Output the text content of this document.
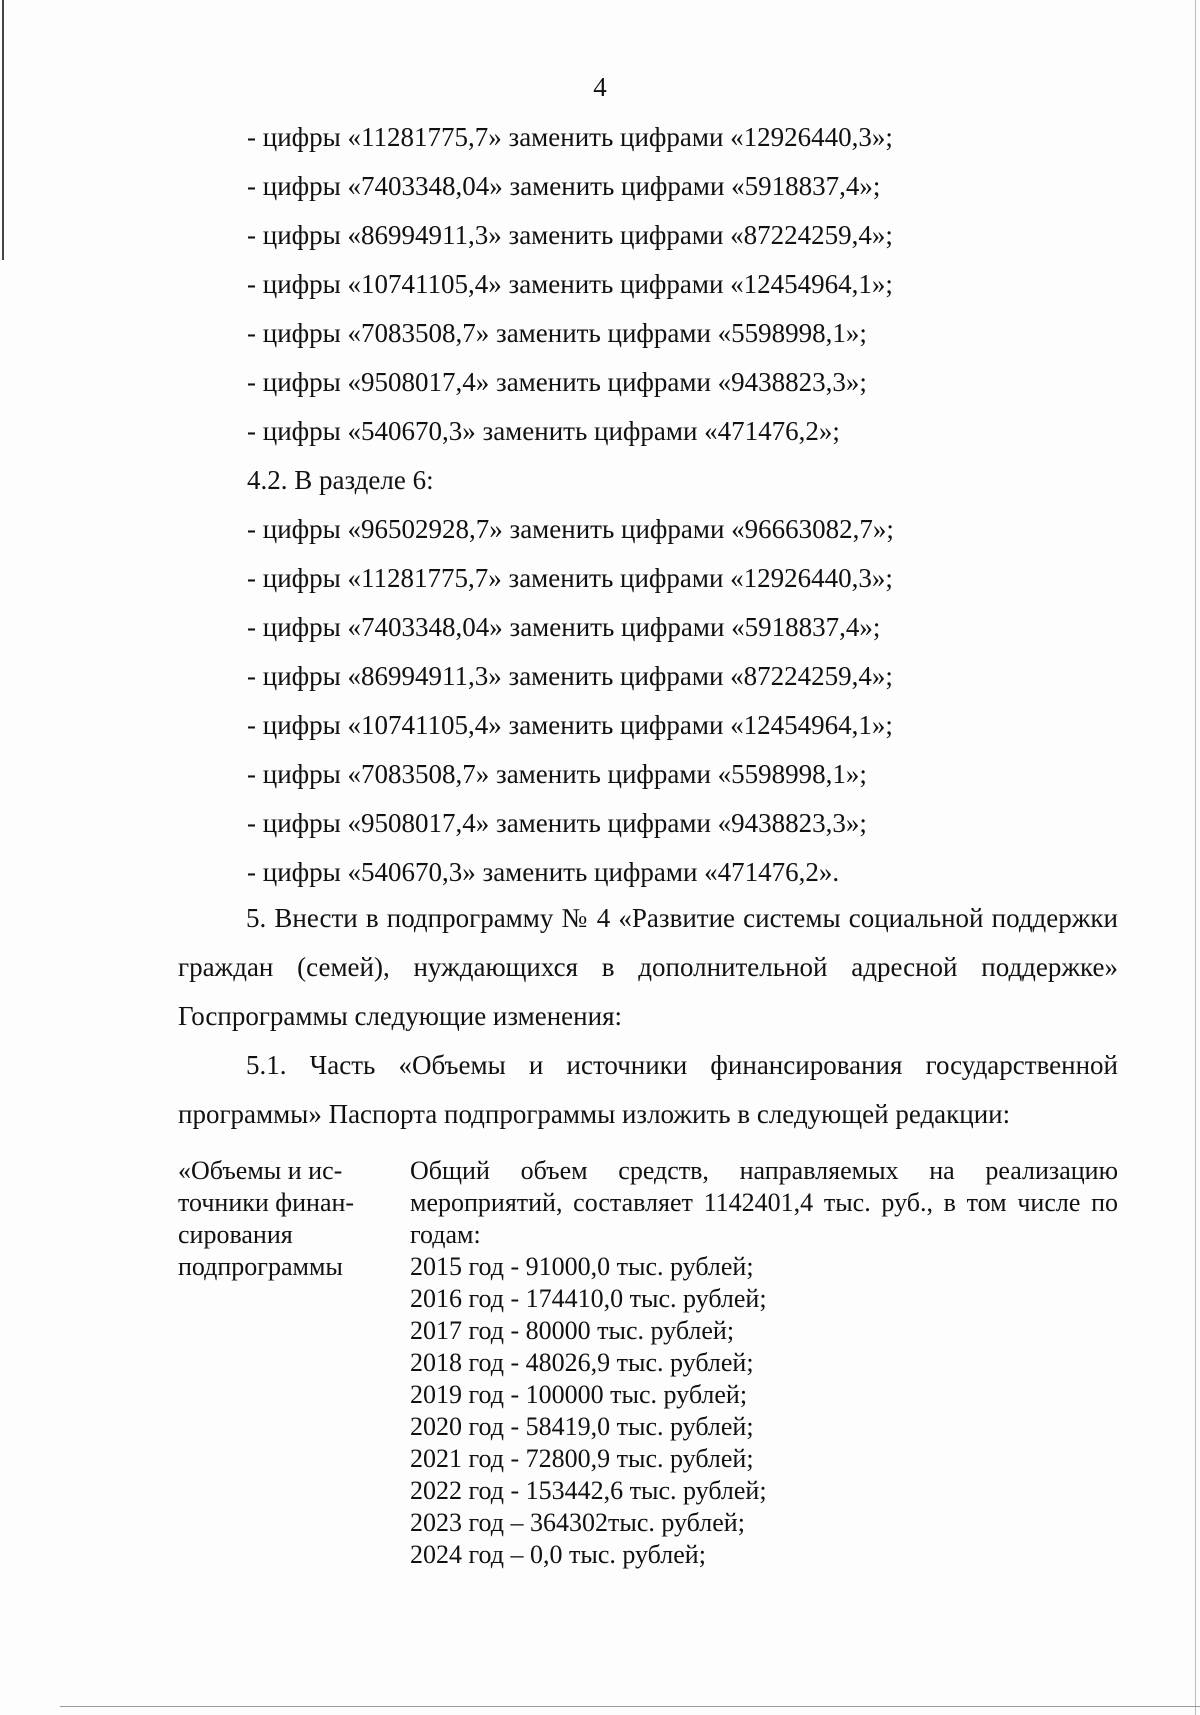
4
- цифры «11281775,7» заменить цифрами «12926440,3»;
- цифры «7403348,04» заменить цифрами «5918837,4»;
- цифры «86994911,3» заменить цифрами «87224259,4»;
- цифры «10741105,4» заменить цифрами «12454964,1»;
- цифры «7083508,7» заменить цифрами «5598998,1»;
- цифры «9508017,4» заменить цифрами «9438823,3»;
- цифры «540670,3» заменить цифрами «471476,2»;
4.2. В разделе 6:
- цифры «96502928,7» заменить цифрами «96663082,7»;
- цифры «11281775,7» заменить цифрами «12926440,3»;
- цифры «7403348,04» заменить цифрами «5918837,4»;
- цифры «86994911,3» заменить цифрами «87224259,4»;
- цифры «10741105,4» заменить цифрами «12454964,1»;
- цифры «7083508,7» заменить цифрами «5598998,1»;
- цифры «9508017,4» заменить цифрами «9438823,3»;
- цифры «540670,3» заменить цифрами «471476,2».
5. Внести в подпрограмму № 4 «Развитие системы социальной поддержки граждан (семей), нуждающихся в дополнительной адресной поддержке» Госпрограммы следующие изменения:
5.1. Часть «Объемы и источники финансирования государственной программы» Паспорта подпрограммы изложить в следующей редакции:
«Объемы и ис-
точники финан-
сирования
подпрограммы
Общий объем средств, направляемых на реализацию мероприятий, составляет 1142401,4 тыс. руб., в том числе по годам:
2015 год - 91000,0 тыс. рублей;
2016 год - 174410,0 тыс. рублей;
2017 год - 80000 тыс. рублей;
2018 год - 48026,9 тыс. рублей;
2019 год - 100000 тыс. рублей;
2020 год - 58419,0 тыс. рублей;
2021 год - 72800,9 тыс. рублей;
2022 год - 153442,6 тыс. рублей;
2023 год – 364302тыс. рублей;
2024 год – 0,0 тыс. рублей;
